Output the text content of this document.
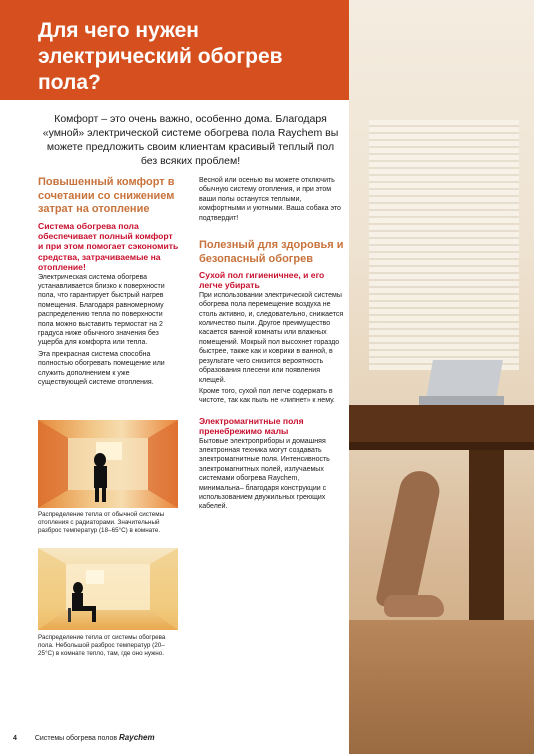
Для чего нужен электрический обогрев пола?

Комфорт – это очень важно, особенно дома. Благодаря «умной» электрической системе обогрева пола Raychem вы можете предложить своим клиентам красивый теплый пол без всяких проблем!

Повышенный комфорт в сочетании со снижением затрат на отопление
Система обогрева пола обеспечивает полный комфорт и при этом помогает сэкономить средства, затрачиваемые на отопление!

Электрическая система обогрева устанавливается близко к поверхности пола, что гарантирует быстрый нагрев помещения. Благодаря равномерному распределению тепла по поверхности пола можно выставить термостат на 2 градуса ниже обычного значения без ущерба для комфорта или тепла.

Эта прекрасная система способна полностью обогревать помещение или служить дополнением к уже существующей системе отопления.

Распределение тепла от обычной системы отопления с радиаторами. Значительный разброс температур (18–65°C) в комнате.
Распределение тепла от системы обогрева пола. Небольшой разброс температур (20–25°C) в комнате тепло, там, где оно нужно.

Весной или осенью вы можете отключить обычную систему отопления, и при этом ваши полы останутся теплыми, комфортными и уютными. Ваша собака это подтвердит!

Полезный для здоровья и безопасный обогрев
Сухой пол гигиеничнее, и его легче убирать

При использовании электрической системы обогрева пола перемещение воздуха не столь активно, и, следовательно, снижается количество пыли. Другое преимущество касается ванной комнаты или влажных помещений. Мокрый пол высохнет гораздо быстрее, также как и коврики в ванной, в результате чего снизится вероятность образования плесени или появления клещей.

Кроме того, сухой пол легче содержать в чистоте, так как пыль не «липнет» к нему.

Электромагнитные поля пренебрежимо малы

Бытовые электроприборы и домашняя электронная техника могут создавать электромагнитные поля. Интенсивность электромагнитных полей, излучаемых системами обогрева Raychem, минимальна– благодаря конструкции с использованием двужильных греющих кабелей.

4	Системы обогрева полов Raychem
